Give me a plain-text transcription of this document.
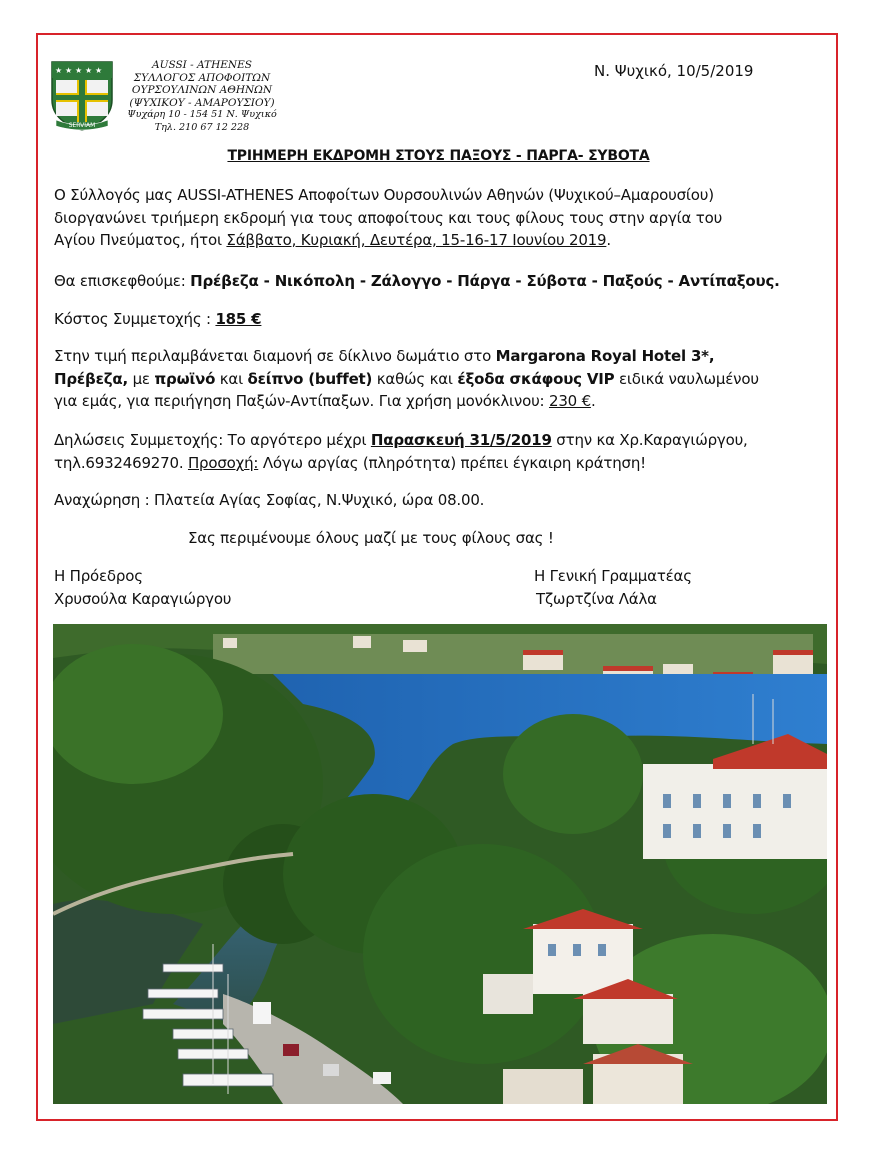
★ ★ ★ ★ ★
SERVIAM
AUSSI - ATHENES
ΣΥΛΛΟΓΟΣ ΑΠΟΦΟΙΤΩΝ
ΟΥΡΣΟΥΛΙΝΩΝ ΑΘΗΝΩΝ
(ΨΥΧΙΚΟΥ - ΑΜΑΡΟΥΣΙΟΥ)
Ψυχάρη 10 - 154 51 Ν. Ψυχικό
Τηλ. 210 67 12 228
Ν. Ψυχικό, 10/5/2019
ΤΡΙΗΜΕΡΗ ΕΚΔΡΟΜΗ ΣΤΟΥΣ ΠΑΞΟΥΣ - ΠΑΡΓΑ- ΣΥΒΟΤΑ
Ο Σύλλογός μας AUSSI-ATHENES Αποφοίτων Ουρσουλινών Αθηνών (Ψυχικού–Αμαρουσίου)
διοργανώνει τριήμερη εκδρομή για τους αποφοίτους και τους φίλους τους στην αργία του
Αγίου Πνεύματος, ήτοι Σάββατο, Κυριακή, Δευτέρα, 15-16-17 Ιουνίου 2019.
Θα επισκεφθούμε: Πρέβεζα - Νικόπολη - Ζάλογγο - Πάργα - Σύβοτα - Παξούς - Αντίπαξους.
Κόστος Συμμετοχής : 185 €
Στην τιμή περιλαμβάνεται διαμονή σε δίκλινο δωμάτιο στο Margarona Royal Hotel 3*,
Πρέβεζα, με πρωϊνό και δείπνο (buffet) καθώς και έξοδα σκάφους VIP ειδικά ναυλωμένου
για εμάς, για περιήγηση Παξών-Αντίπαξων. Για χρήση μονόκλινου: 230 €.
Δηλώσεις Συμμετοχής: Το αργότερο μέχρι Παρασκευή 31/5/2019 στην κα Χρ.Καραγιώργου,
τηλ.6932469270. Προσοχή: Λόγω αργίας (πληρότητα) πρέπει έγκαιρη κράτηση!
Αναχώρηση : Πλατεία Αγίας Σοφίας, Ν.Ψυχικό, ώρα 08.00.
Σας περιμένουμε όλους μαζί με τους φίλους σας !
Η Πρόεδρος
Χρυσούλα Καραγιώργου
Η Γενική Γραμματέας
Τζωρτζίνα Λάλα
